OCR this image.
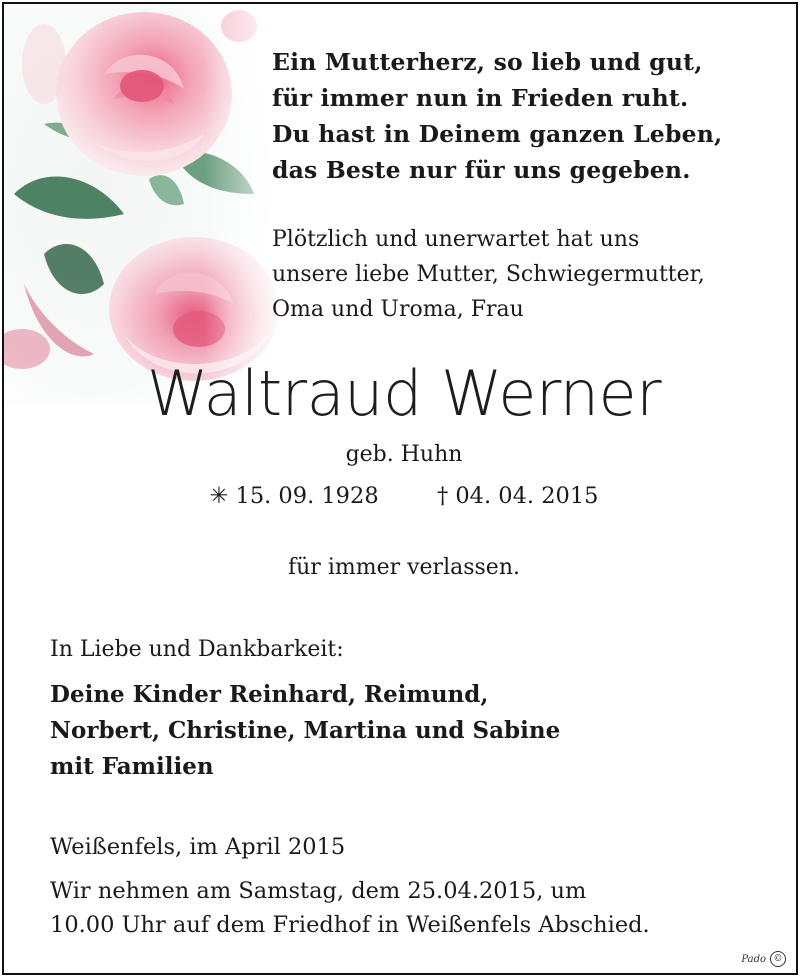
Ein Mutterherz, so lieb und gut,
für immer nun in Frieden ruht.
Du hast in Deinem ganzen Leben,
das Beste nur für uns gegeben.
Plötzlich und unerwartet hat uns
unsere liebe Mutter, Schwiegermutter,
Oma und Uroma, Frau
Waltraud Werner
geb. Huhn
✳ 15. 09. 1928	† 04. 04. 2015
für immer verlassen.
In Liebe und Dankbarkeit:
Deine Kinder Reinhard, Reimund,
Norbert, Christine, Martina und Sabine
mit Familien
Weißenfels, im April 2015
Wir nehmen am Samstag, dem 25.04.2015, um
10.00 Uhr auf dem Friedhof in Weißenfels Abschied.
Pado ©
